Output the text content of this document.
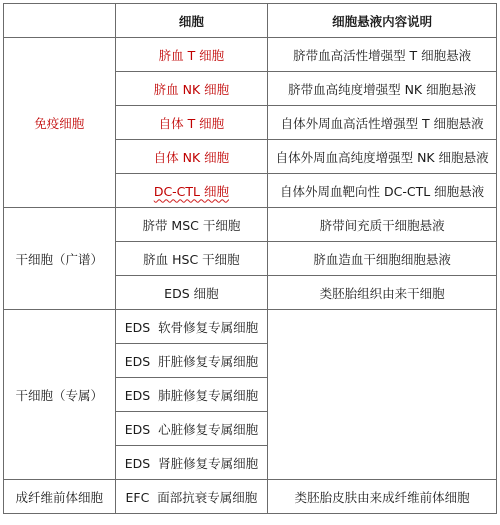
	细胞	细胞悬液内容说明
免疫细胞	脐血 T 细胞	脐带血高活性增强型 T 细胞悬液
	脐血 NK 细胞	脐带血高纯度增强型 NK 细胞悬液
	自体 T 细胞	自体外周血高活性增强型 T 细胞悬液
	自体 NK 细胞	自体外周血高纯度增强型 NK 细胞悬液
	DC-CTL 细胞	自体外周血靶向性 DC-CTL 细胞悬液
干细胞（广谱）	脐带 MSC 干细胞	脐带间充质干细胞悬液
	脐血 HSC 干细胞	脐血造血干细胞细胞悬液
	EDS 细胞	类胚胎组织由来干细胞
干细胞（专属）	EDS  软骨修复专属细胞	
	EDS  肝脏修复专属细胞	
	EDS  肺脏修复专属细胞	
	EDS  心脏修复专属细胞	
	EDS  肾脏修复专属细胞	
成纤维前体细胞	EFC  面部抗衰专属细胞	类胚胎皮肤由来成纤维前体细胞
